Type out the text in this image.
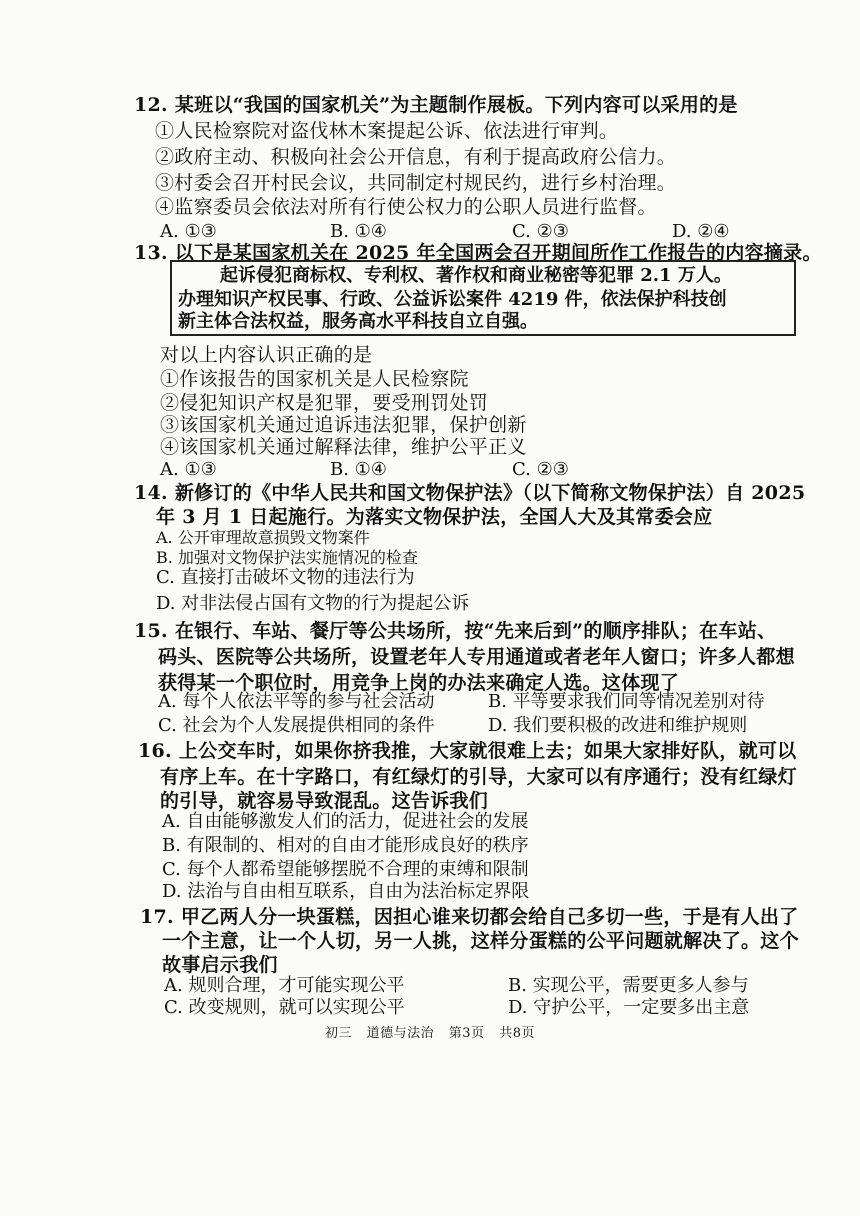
12. 某班以“我国的国家机关”为主题制作展板。下列内容可以采用的是
①人民检察院对盗伐林木案提起公诉、依法进行审判。
②政府主动、积极向社会公开信息，有利于提高政府公信力。
③村委会召开村民会议，共同制定村规民约，进行乡村治理。
④监察委员会依法对所有行使公权力的公职人员进行监督。
A. ①③	B. ①④	C. ②③	D. ②④
13. 以下是某国家机关在 2025 年全国两会召开期间所作工作报告的内容摘录。
起诉侵犯商标权、专利权、著作权和商业秘密等犯罪 2.1 万人。
办理知识产权民事、行政、公益诉讼案件 4219 件，依法保护科技创
新主体合法权益，服务高水平科技自立自强。
对以上内容认识正确的是
①作该报告的国家机关是人民检察院
②侵犯知识产权是犯罪，要受刑罚处罚
③该国家机关通过追诉违法犯罪，保护创新
④该国家机关通过解释法律，维护公平正义
A. ①③	B. ①④	C. ②③
14. 新修订的《中华人民共和国文物保护法》（以下简称文物保护法）自 2025
年 3 月 1 日起施行。为落实文物保护法，全国人大及其常委会应
A. 公开审理故意损毁文物案件
B. 加强对文物保护法实施情况的检查
C. 直接打击破坏文物的违法行为
D. 对非法侵占国有文物的行为提起公诉
15. 在银行、车站、餐厅等公共场所，按“先来后到”的顺序排队；在车站、
码头、医院等公共场所，设置老年人专用通道或者老年人窗口；许多人都想
获得某一个职位时，用竞争上岗的办法来确定人选。这体现了
A. 每个人依法平等的参与社会活动	B. 平等要求我们同等情况差别对待
C. 社会为个人发展提供相同的条件	D. 我们要积极的改进和维护规则
16. 上公交车时，如果你挤我推，大家就很难上去；如果大家排好队，就可以
有序上车。在十字路口，有红绿灯的引导，大家可以有序通行；没有红绿灯
的引导，就容易导致混乱。这告诉我们
A. 自由能够激发人们的活力，促进社会的发展
B. 有限制的、相对的自由才能形成良好的秩序
C. 每个人都希望能够摆脱不合理的束缚和限制
D. 法治与自由相互联系，自由为法治标定界限
17. 甲乙两人分一块蛋糕，因担心谁来切都会给自己多切一些，于是有人出了
一个主意，让一个人切，另一人挑，这样分蛋糕的公平问题就解决了。这个
故事启示我们
A. 规则合理，才可能实现公平	B. 实现公平，需要更多人参与
C. 改变规则，就可以实现公平	D. 守护公平，一定要多出主意
初三 道德与法治 第3页 共8页
